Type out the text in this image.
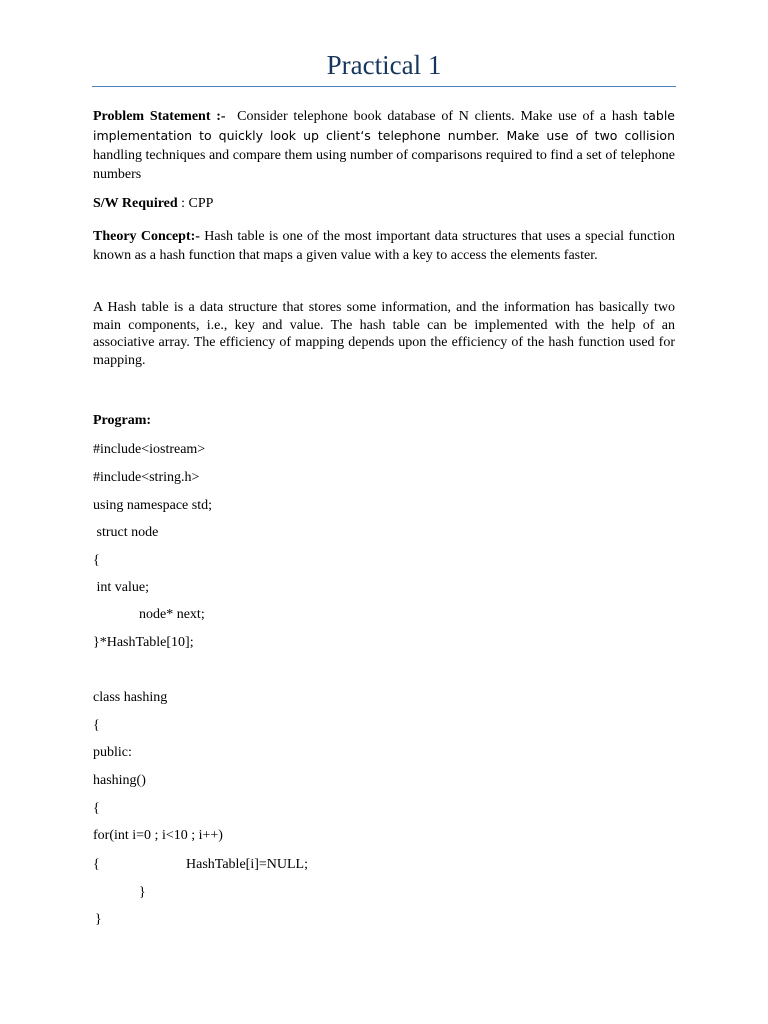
Practical 1
Problem Statement :- Consider telephone book database of N clients. Make use of a hash table implementation to quickly look up client‘s telephone number. Make use of two collision handling techniques and compare them using number of comparisons required to find a set of telephone numbers
S/W Required : CPP
Theory Concept:- Hash table is one of the most important data structures that uses a special function known as a hash function that maps a given value with a key to access the elements faster.
A Hash table is a data structure that stores some information, and the information has basically two main components, i.e., key and value. The hash table can be implemented with the help of an associative array. The efficiency of mapping depends upon the efficiency of the hash function used for mapping.
Program:
#include<iostream>
#include<string.h>
using namespace std;
struct node
{
int value;
node* next;
}*HashTable[10];
class hashing
{
public:
hashing()
{
for(int i=0 ; i<10 ; i++)
{	HashTable[i]=NULL;
}
}
